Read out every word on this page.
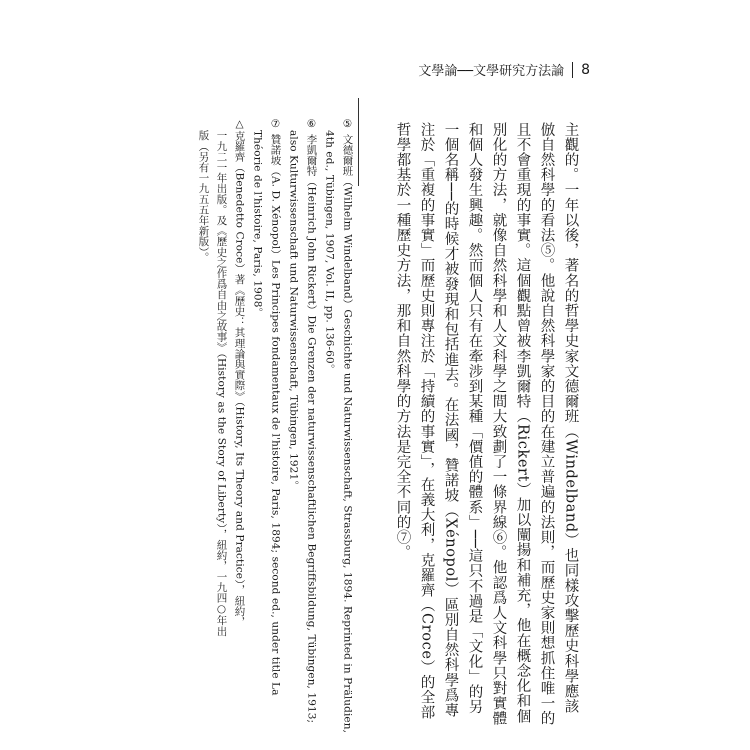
文學論──文學研究方法論 8
主觀的。一年以後，著名的哲學史家文德爾班（Windelband）也同樣攻擊歷史科學應該
倣自然科學的看法⑤。他說自然科學家的目的在建立普遍的法則，而歷史家則想抓住唯一的
且不會重現的事實。這個觀點曾被李凱爾特（Rickert）加以闡揚和補充，他在概念化和個
別化的方法，就像自然科學和人文科學之間大致劃了一條界線⑥。他認爲人文科學只對實體
和個人發生興趣。然而個人只有在牽涉到某種「價值的體系」──這只不過是「文化」的另
一個名稱──的時候才被發現和包括進去。在法國，贊諾坡（Xénopol）區別自然科學爲專
注於「重複的事實」而歷史則專注於「持續的事實」，在義大利，克羅齊（Croce）的全部
哲學都基於一種歷史方法，那和自然科學的方法是完全不同的⑦。
⑤ 文德爾班（Wilhelm Windelband）Geschichte und Naturwissenschaft, Strassburg, 1894. Reprinted in Präludien,
4th ed., Tübingen, 1907, Vol. II, pp. 136-60。
⑥ 李凱爾特（Heinrich John Rickert）Die Grenzen der naturwissenschaftlichen Begriffsbildung, Tübingen, 1913;
also Kulturwissenschaft und Naturwissenschaft, Tübingen, 1921。
⑦ 贊諾坡（A. D. Xénopol）Les Principes fondamentaux de l'histoire, Paris, 1894; second ed., under title La
Théorie de l'histoire, Paris, 1908。
△克羅齊（Benedetto Croce）著《歷史：其理論與實際》（History, Its Theory and Practice），紐約，
一九二一年出版。及《歷史之作爲自由之故事》（History as the Story of Liberty），紐約，一九四○年出
版（另有一九五五年新版）。
